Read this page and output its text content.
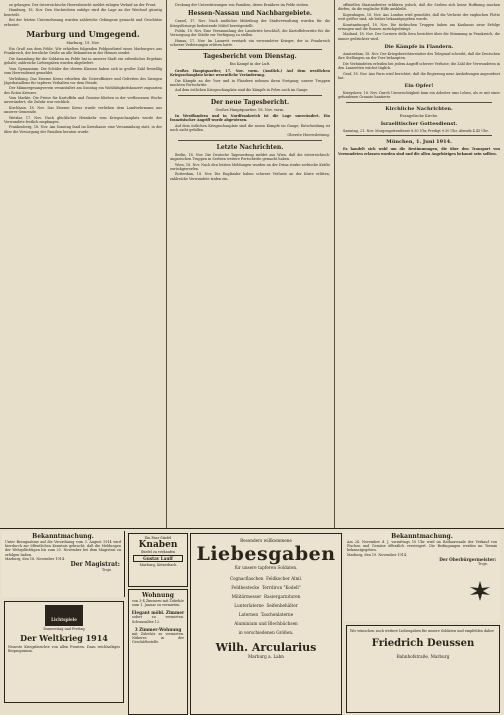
zu gelangen. Der österreichische Heeresbericht meldet ruhigen Verlauf an der Front.

Hamburg, 18. Nov. Den Nachrichten zufolge wird die Lage an der Weichsel günstig beurteilt.

Bei der letzten Unternehmung wurden zahlreiche Gefangene gemacht und Geschütze erbeutet.

Marburg und Umgegend.
Marburg, 19. Nov.

Ein Gruß aus dem Felde. Wir erhielten folgenden Feldpostbrief eines Marburgers aus Frankreich, der herzliche Grüße an alle Bekannten in der Heimat sendet.

Die Sammlung für die Soldaten im Felde hat in unserer Stadt ein erfreuliches Ergebnis gehabt; zahlreiche Liebesgaben wurden abgeliefert.

Vom Gymnasium. Die Schüler der oberen Klassen haben sich in großer Zahl freiwillig zum Heeresdienst gemeldet.

Verleihung. Das Eiserne Kreuz erhielten die Unteroffiziere und Gefreiten des hiesigen Jägerbataillons für tapferes Verhalten vor dem Feinde.

Der Männergesangverein veranstaltet am Sonntag ein Wohltätigkeitskonzert zugunsten des Roten Kreuzes.

Vom Markte. Die Preise für Kartoffeln und Gemüse blieben in der verflossenen Woche unverändert; die Zufuhr war reichlich.

Kirchhain, 18. Nov. Das Eiserne Kreuz wurde verliehen dem Landwehrmann aus unserer Gemeinde.

Wetzlar, 17. Nov. Nach glücklicher Heimkehr vom Kriegsschauplatz wurde der Verwundete festlich empfangen.

Frankenberg, 18. Nov. Am Sonntag fand im Kreishause eine Versammlung statt, in der über die Versorgung der Familien beraten wurde.

Deckung der Unterstützungen von Familien, deren Ernährer im Felde stehen.

Hessen-Nassau und Nachbargebiete.

Cassel, 17. Nov. Nach amtlicher Mitteilung der Stadtverwaltung wurden für die Kriegsfürsorge bedeutende Mittel bereitgestellt.

Fulda, 18. Nov. Eine Versammlung der Landwirte beschloß, die Kartoffelvorräte für die Versorgung der Städte zur Verfügung zu stellen.

Hanau, 17. Nov. Im Lazarett verstarb ein verwundeter Krieger, der in Frankreich schwere Verletzungen erlitten hatte.

Tagesbericht vom Dienstag.
Ein Kampf in der Luft.

Großes Hauptquartier, 17. Nov. vorm. (Amtlich.) Auf dem westlichen Kriegsschauplatz keine wesentliche Veränderung.

Die Kämpfe an der Yser und in Flandern nehmen ihren Fortgang; unsere Truppen machten Fortschritte.

Auf dem östlichen Kriegsschauplatz sind die Kämpfe in Polen noch im Gange.

Der neue Tagesbericht.
Großes Hauptquartier, 18. Nov. vorm.

In Westflandern und in Nordfrankreich ist die Lage unverändert. Ein französischer Angriff wurde abgewiesen.

Auf dem östlichen Kriegsschauplatz sind die neuen Kämpfe im Gange; Entscheidung ist noch nicht gefallen.

Oberste Heeresleitung.
Letzte Nachrichten.

Berlin, 18. Nov. Die Deutsche Tageszeitung meldet aus Wien, daß die österreichisch-ungarischen Truppen in Serbien weitere Fortschritte gemacht haben.

Wien, 18. Nov. Nach den letzten Meldungen wurden an der Drina starke serbische Kräfte zurückgeworfen.

Rotterdam, 18. Nov. Die Engländer haben schwere Verluste an der Küste erlitten; zahlreiche Verwundete trafen ein.

offiziellen Staatsarbeiter erklären jedoch, daß die Serben sich keine Hoffnung machen dürfen, da die englische Hilfe ausbleibt.

Kopenhagen, 18. Nov. Aus London wird gemeldet, daß die Verluste der englischen Flotte weit größer sind, als bisher bekanntgegeben wurde.

Konstantinopel, 18. Nov. Die türkischen Truppen haben am Kaukasus neue Erfolge errungen und die Russen zurückgedrängt.

Mailand, 18. Nov. Der Corriere della Sera berichtet über die Stimmung in Frankreich, die immer gedrückter wird.

Die Kämpfe in Flandern.

Amsterdam, 18. Nov. Der Kriegsberichterstatter des Telegraaf schreibt, daß die Deutschen ihre Stellungen an der Yser behaupten.

Die Verbündeten erleiden bei jedem Angriff schwere Verluste; die Zahl der Verwundeten in den Lazaretten wächst täglich.

Genf, 18. Nov. Aus Paris wird berichtet, daß die Regierung neue Aushebungen angeordnet hat.

Ein Opfer!

Kriegsherr, 18. Nov. Durch Unvorsichtigkeit kam ein Arbeiter ums Leben, als er mit einer gefundenen Granate hantierte.

Kirchliche Nachrichten.
Evangelische Kirche.
Israelitischer Gottesdienst.

Samstag, 21. Nov. Morgengottesdienst 8.30 Uhr, Predigt 9.30 Uhr, Abends 4.45 Uhr.

München, 1. Juni 1914.

Es handelt sich wohl um die Bestimmungen, die über den Transport von Verwundeten erlassen worden sind und die allen Angehörigen bekannt sein sollten.

Bekanntmachung.
Unter Bezugnahme auf die Verordnung vom 3. August 1914 wird hierdurch zur öffentlichen Kenntnis gebracht, daß die Meldungen der Wehrpflichtigen bis zum 25. November bei dem Magistrat zu erfolgen haben.
Marburg, den 18. November 1914.
Der Magistrat:
Troje.
Lichtspiele
Donnerstag und Freitag
Der Weltkrieg 1914
Neueste Kriegsberichte von allen Fronten. Dazu reichhaltiges Beiprogramm.
Ein Paar Stiefel
Knaben
Stiefel zu verkaufen
Gustav Lauff
Marburg, Ketzerbach
Wohnung
von 3-4 Zimmern mit Zubehör zum 1. Januar zu vermieten.
Elegant möbl. Zimmer
sofort zu vermieten. Schwanallee 12.
3 Zimmer-Wohnung
mit Zubehör zu vermieten. Näheres in der Geschäftsstelle.
Besonders willkommene
Liebesgaben
für unsere tapferen Soldaten.
Cognacflaschen  Feldkocher Alml.
Feldbestecke  Terrdiron "Kodell"
Militärmesser  Rasiergarnituren
Lunterlaterne  Seifenbehälter
Laternen  Taschenlaterne
Aluminium und Blechbüchsen
in verschiedenen Größen.
Wilh. Arcularius
Marburg a. Lahn
Bekanntmachung.
Am 24. November d. J. vormittags 10 Uhr wird im Rathaussaale der Verkauf von Fischen und Gemüse öffentlich versteigert. Die Bedingungen werden im Termin bekanntgegeben.
Marburg, den 19. November 1914.
Der Oberbürgermeister:
Troje.
Wir wünschen noch weitere Liebesgaben für unsere Soldaten und empfehlen daher
Friedrich Deussen
Bahnhofstraße, Marburg
